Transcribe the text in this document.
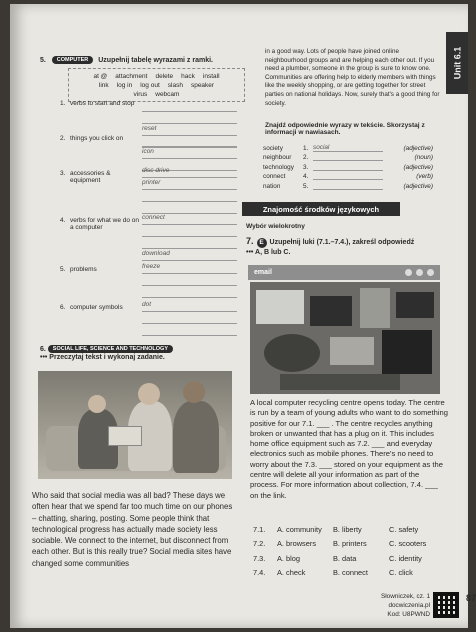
Unit 6.1
5. COMPUTER Uzupełnij tabelę wyrazami z ramki.
at @ attachment delete hack install
link log in log out slash speaker
virus webcam
1. verbs to start and stop
reset
2. things you click on
icon
3. accessories & equipment
disc drive
printer
4. verbs for what we do on a computer
connect
download
5. problems	freeze
6. computer symbols	dot
6. SOCIAL LIFE, SCIENCE AND TECHNOLOGY
••• Przeczytaj tekst i wykonaj zadanie.
Who said that social media was all bad? These days we often hear that we spend far too much time on our phones – chatting, sharing, posting. Some people think that technological progress has actually made society less sociable. We connect to the internet, but disconnect from each other. But is this really true? Social media sites have changed some communities
in a good way. Lots of people have joined online neighbourhood groups and are helping each other out. If you need a plumber, someone in the group is sure to know one. Communities are offering help to elderly members with things like the weekly shopping, or are getting together for street parties on national holidays. Now, surely that's a good thing for society.
Znajdź odpowiednie wyrazy w tekście. Skorzystaj z informacji w nawiasach.
society	1. social	(adjective)
neighbour	2.	(noun)
technology	3.	(adjective)
connect	4.	(verb)
nation	5.	(adjective)
Znajomość środków językowych
Wybór wielokrotny
7. E Uzupełnij luki (7.1.–7.4.), zakreśl odpowiedź
••• A, B lub C.
email
A local computer recycling centre opens today. The centre is run by a team of young adults who want to do something positive for our 7.1. ___ . The centre recycles anything broken or unwanted that has a plug on it. This includes home office equipment such as 7.2. ___ and everyday electronics such as mobile phones. There's no need to worry about the 7.3. ___ stored on your equipment as the centre will delete all your information as part of the process. For more information about collection, 7.4. ___ on the link.
7.1.	A. community	B. liberty	C. safety
7.2.	A. browsers	B. printers	C. scooters
7.3.	A. blog	B. data	C. identity
7.4.	A. check	B. connect	C. click
Słowniczek, cz. 1
docwiczenia.pl
Kod: U8PWND
87
